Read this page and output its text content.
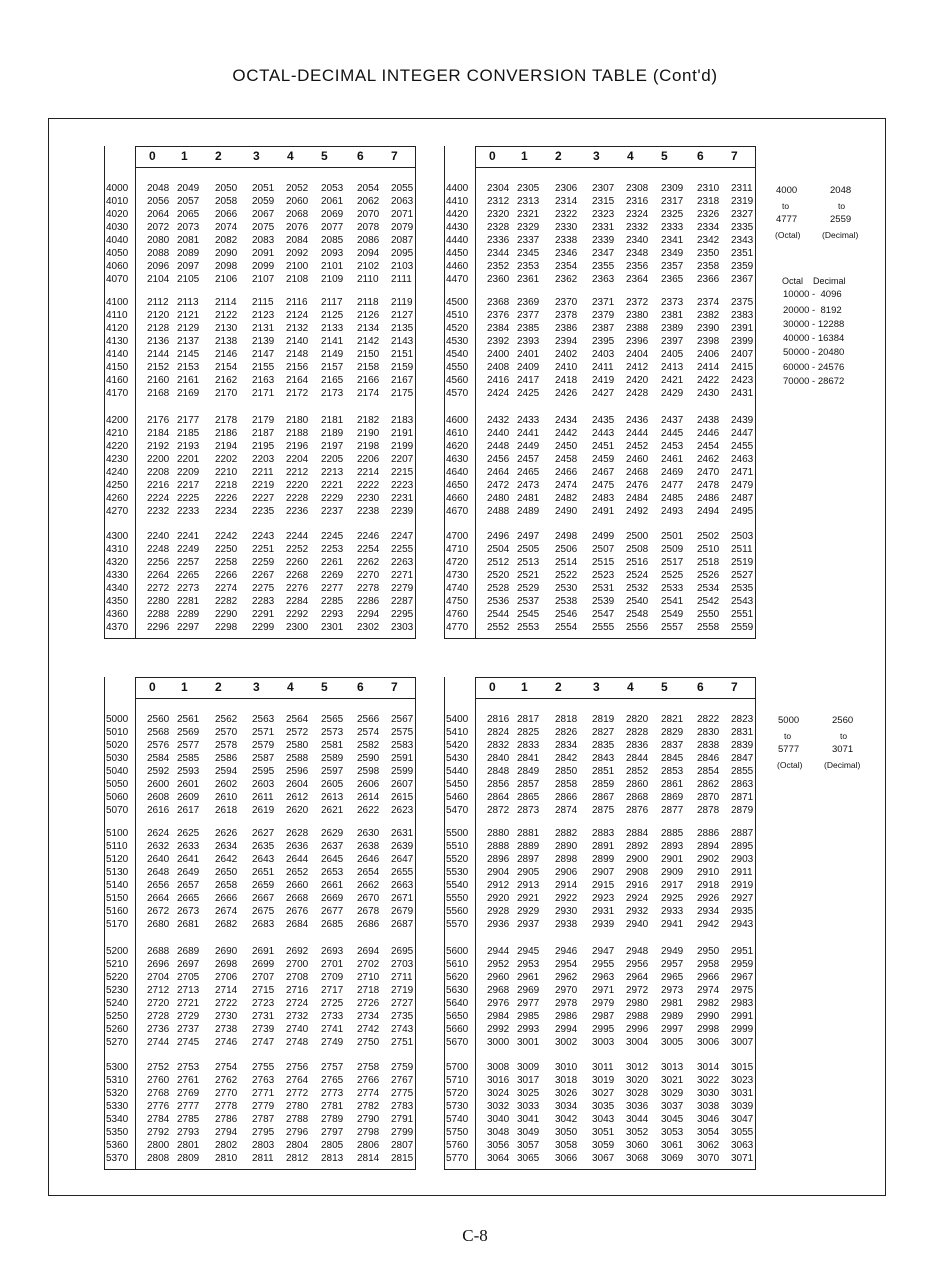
OCTAL-DECIMAL INTEGER CONVERSION TABLE (Cont'd)
0 1 2	3 4 5 6 7
4000 2048 2049 2050 2051 2052 2053 2054 2055
4010 2056 2057 2058 2059 2060 2061 2062 2063
4020 2064 2065 2066 2067 2068 2069 2070 2071
4030 2072 2073 2074 2075 2076 2077 2078 2079
4040 2080 2081 2082 2083 2084 2085 2086 2087
4050 2088 2089 2090 2091 2092 2093 2094 2095
4060 2096 2097 2098 2099 2100 2101 2102 2103
4070 2104 2105 2106 2107 2108 2109 2110 2111
4100 2112 2113 2114 2115 2116 2117 2118 2119
4110 2120 2121 2122 2123 2124 2125 2126 2127
4120 2128 2129 2130 2131 2132 2133 2134 2135
4130 2136 2137 2138 2139 2140 2141 2142 2143
4140 2144 2145 2146 2147 2148 2149 2150 2151
4150 2152 2153 2154 2155 2156 2157 2158 2159
4160 2160 2161 2162 2163 2164 2165 2166 2167
4170 2168 2169 2170 2171 2172 2173 2174 2175
4200 2176 2177 2178 2179 2180 2181 2182 2183
4210 2184 2185 2186 2187 2188 2189 2190 2191
4220 2192 2193 2194 2195 2196 2197 2198 2199
4230 2200 2201 2202 2203 2204 2205 2206 2207
4240 2208 2209 2210 2211 2212 2213 2214 2215
4250 2216 2217 2218 2219 2220 2221 2222 2223
4260 2224 2225 2226 2227 2228 2229 2230 2231
4270 2232 2233 2234 2235 2236 2237 2238 2239
4300 2240 2241 2242 2243 2244 2245 2246 2247
4310 2248 2249 2250 2251 2252 2253 2254 2255
4320 2256 2257 2258 2259 2260 2261 2262 2263
4330 2264 2265 2266 2267 2268 2269 2270 2271
4340 2272 2273 2274 2275 2276 2277 2278 2279
4350 2280 2281 2282 2283 2284 2285 2286 2287
4360 2288 2289 2290 2291 2292 2293 2294 2295
4370 2296 2297 2298 2299 2300 2301 2302 2303
0 1 2	3 4 5 6 7
4400 2304 2305 2306 2307 2308 2309 2310 2311
4410 2312 2313 2314 2315 2316 2317 2318 2319
4420 2320 2321 2322 2323 2324 2325 2326 2327
4430 2328 2329 2330 2331 2332 2333 2334 2335
4440 2336 2337 2338 2339 2340 2341 2342 2343
4450 2344 2345 2346 2347 2348 2349 2350 2351
4460 2352 2353 2354 2355 2356 2357 2358 2359
4470 2360 2361 2362 2363 2364 2365 2366 2367
4500 2368 2369 2370 2371 2372 2373 2374 2375
4510 2376 2377 2378 2379 2380 2381 2382 2383
4520 2384 2385 2386 2387 2388 2389 2390 2391
4530 2392 2393 2394 2395 2396 2397 2398 2399
4540 2400 2401 2402 2403 2404 2405 2406 2407
4550 2408 2409 2410 2411 2412 2413 2414 2415
4560 2416 2417 2418 2419 2420 2421 2422 2423
4570 2424 2425 2426 2427 2428 2429 2430 2431
4600 2432 2433 2434 2435 2436 2437 2438 2439
4610 2440 2441 2442 2443 2444 2445 2446 2447
4620 2448 2449 2450 2451 2452 2453 2454 2455
4630 2456 2457 2458 2459 2460 2461 2462 2463
4640 2464 2465 2466 2467 2468 2469 2470 2471
4650 2472 2473 2474 2475 2476 2477 2478 2479
4660 2480 2481 2482 2483 2484 2485 2486 2487
4670 2488 2489 2490 2491 2492 2493 2494 2495
4700 2496 2497 2498 2499 2500 2501 2502 2503
4710 2504 2505 2506 2507 2508 2509 2510 2511
4720 2512 2513 2514 2515 2516 2517 2518 2519
4730 2520 2521 2522 2523 2524 2525 2526 2527
4740 2528 2529 2530 2531 2532 2533 2534 2535
4750 2536 2537 2538 2539 2540 2541 2542 2543
4760 2544 2545 2546 2547 2548 2549 2550 2551
4770 2552 2553 2554 2555 2556 2557 2558 2559
0 1 2	3 4 5 6 7
5000 2560 2561 2562 2563 2564 2565 2566 2567
5010 2568 2569 2570 2571 2572 2573 2574 2575
5020 2576 2577 2578 2579 2580 2581 2582 2583
5030 2584 2585 2586 2587 2588 2589 2590 2591
5040 2592 2593 2594 2595 2596 2597 2598 2599
5050 2600 2601 2602 2603 2604 2605 2606 2607
5060 2608 2609 2610 2611 2612 2613 2614 2615
5070 2616 2617 2618 2619 2620 2621 2622 2623
5100 2624 2625 2626 2627 2628 2629 2630 2631
5110 2632 2633 2634 2635 2636 2637 2638 2639
5120 2640 2641 2642 2643 2644 2645 2646 2647
5130 2648 2649 2650 2651 2652 2653 2654 2655
5140 2656 2657 2658 2659 2660 2661 2662 2663
5150 2664 2665 2666 2667 2668 2669 2670 2671
5160 2672 2673 2674 2675 2676 2677 2678 2679
5170 2680 2681 2682 2683 2684 2685 2686 2687
5200 2688 2689 2690 2691 2692 2693 2694 2695
5210 2696 2697 2698 2699 2700 2701 2702 2703
5220 2704 2705 2706 2707 2708 2709 2710 2711
5230 2712 2713 2714 2715 2716 2717 2718 2719
5240 2720 2721 2722 2723 2724 2725 2726 2727
5250 2728 2729 2730 2731 2732 2733 2734 2735
5260 2736 2737 2738 2739 2740 2741 2742 2743
5270 2744 2745 2746 2747 2748 2749 2750 2751
5300 2752 2753 2754 2755 2756 2757 2758 2759
5310 2760 2761 2762 2763 2764 2765 2766 2767
5320 2768 2769 2770 2771 2772 2773 2774 2775
5330 2776 2777 2778 2779 2780 2781 2782 2783
5340 2784 2785 2786 2787 2788 2789 2790 2791
5350 2792 2793 2794 2795 2796 2797 2798 2799
5360 2800 2801 2802 2803 2804 2805 2806 2807
5370 2808 2809 2810 2811 2812 2813 2814 2815
0 1 2	3 4 5 6 7
5400 2816 2817 2818 2819 2820 2821 2822 2823
5410 2824 2825 2826 2827 2828 2829 2830 2831
5420 2832 2833 2834 2835 2836 2837 2838 2839
5430 2840 2841 2842 2843 2844 2845 2846 2847
5440 2848 2849 2850 2851 2852 2853 2854 2855
5450 2856 2857 2858 2859 2860 2861 2862 2863
5460 2864 2865 2866 2867 2868 2869 2870 2871
5470 2872 2873 2874 2875 2876 2877 2878 2879
5500 2880 2881 2882 2883 2884 2885 2886 2887
5510 2888 2889 2890 2891 2892 2893 2894 2895
5520 2896 2897 2898 2899 2900 2901 2902 2903
5530 2904 2905 2906 2907 2908 2909 2910 2911
5540 2912 2913 2914 2915 2916 2917 2918 2919
5550 2920 2921 2922 2923 2924 2925 2926 2927
5560 2928 2929 2930 2931 2932 2933 2934 2935
5570 2936 2937 2938 2939 2940 2941 2942 2943
5600 2944 2945 2946 2947 2948 2949 2950 2951
5610 2952 2953 2954 2955 2956 2957 2958 2959
5620 2960 2961 2962 2963 2964 2965 2966 2967
5630 2968 2969 2970 2971 2972 2973 2974 2975
5640 2976 2977 2978 2979 2980 2981 2982 2983
5650 2984 2985 2986 2987 2988 2989 2990 2991
5660 2992 2993 2994 2995 2996 2997 2998 2999
5670 3000 3001 3002 3003 3004 3005 3006 3007
5700 3008 3009 3010 3011 3012 3013 3014 3015
5710 3016 3017 3018 3019 3020 3021 3022 3023
5720 3024 3025 3026 3027 3028 3029 3030 3031
5730 3032 3033 3034 3035 3036 3037 3038 3039
5740 3040 3041 3042 3043 3044 3045 3046 3047
5750 3048 3049 3050 3051 3052 3053 3054 3055
5760 3056 3057 3058 3059 3060 3061 3062 3063
5770 3064 3065 3066 3067 3068 3069 3070 3071
4000	2048
to	to
4777	2559
(Octal)	(Decimal)
Octal    Decimal
10000 -  4096
20000 -  8192
30000 - 12288
40000 - 16384
50000 - 20480
60000 - 24576
70000 - 28672
5000	2560
to	to
5777	3071
(Octal)	(Decimal)
C-8
